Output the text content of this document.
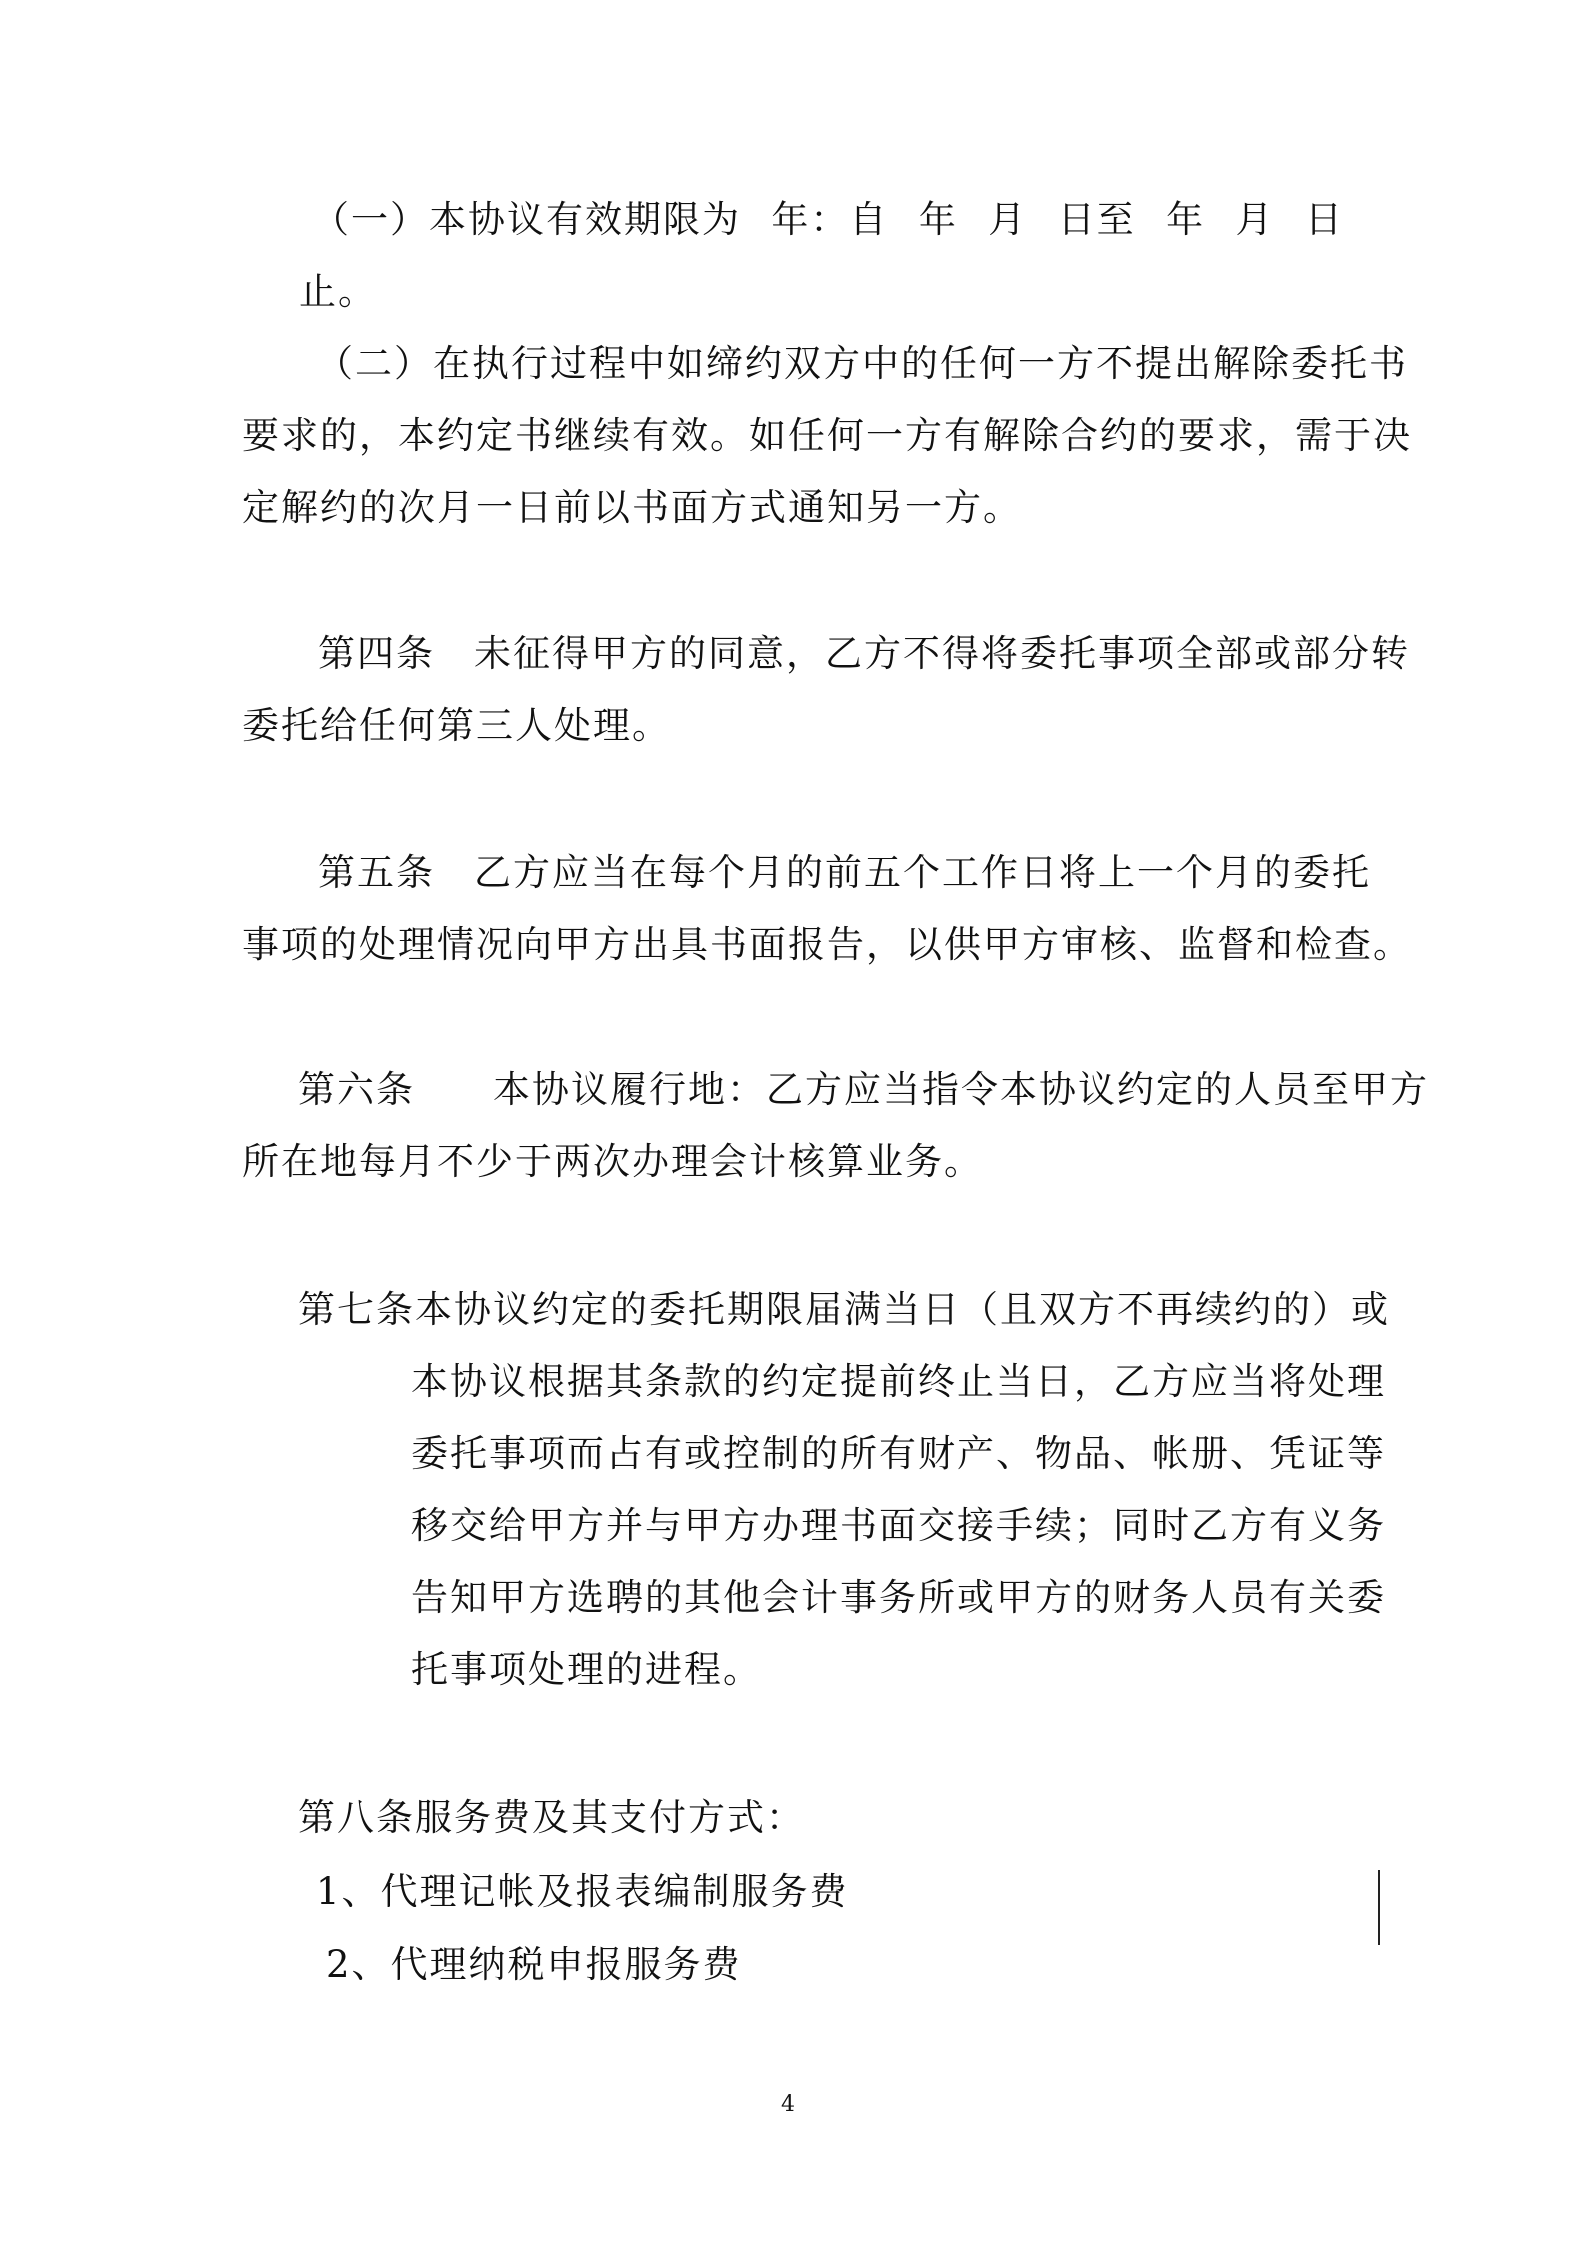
（一）本协议有效期限为 年：自 年 月 日至 年 月 日

止。

（二）在执行过程中如缔约双方中的任何一方不提出解除委托书

要求的，本约定书继续有效。如任何一方有解除合约的要求，需于决

定解约的次月一日前以书面方式通知另一方。

第四条　未征得甲方的同意，乙方不得将委托事项全部或部分转

委托给任何第三人处理。

第五条　乙方应当在每个月的前五个工作日将上一个月的委托

事项的处理情况向甲方出具书面报告，以供甲方审核、监督和检查。

第六条　　本协议履行地：乙方应当指令本协议约定的人员至甲方

所在地每月不少于两次办理会计核算业务。

第七条本协议约定的委托期限届满当日（且双方不再续约的）或

本协议根据其条款的约定提前终止当日，乙方应当将处理

委托事项而占有或控制的所有财产、物品、帐册、凭证等

移交给甲方并与甲方办理书面交接手续；同时乙方有义务

告知甲方选聘的其他会计事务所或甲方的财务人员有关委

托事项处理的进程。

第八条服务费及其支付方式：

1、代理记帐及报表编制服务费

2、代理纳税申报服务费

4
